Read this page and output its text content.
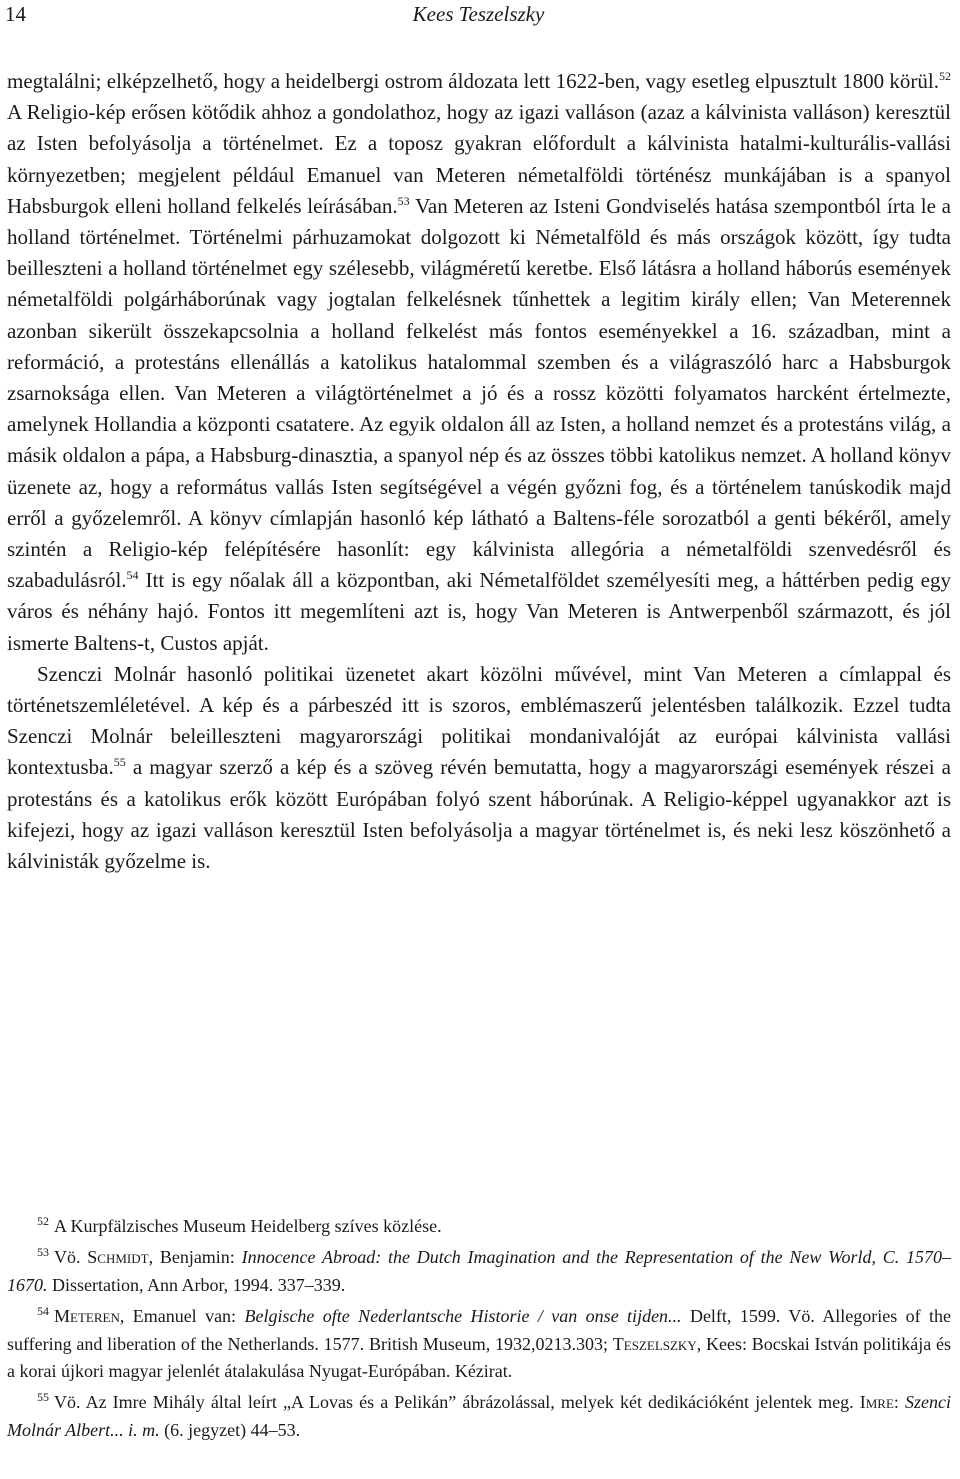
14	Kees Teszelszky

megtalálni; elképzelhető, hogy a heidelbergi ostrom áldozata lett 1622-ben, vagy esetleg elpusztult 1800 körül.$^{52}$ A Religio-kép erősen kötődik ahhoz a gondolathoz, hogy az igazi valláson (azaz a kálvinista valláson) keresztül az Isten befolyásolja a történelmet. Ez a toposz gyakran előfordult a kálvinista hatalmi-kulturális-vallási környezetben; megjelent például Emanuel van Meteren németalföldi történész munkájában is a spanyol Habsburgok elleni holland felkelés leírásában.$^{53}$ Van Meteren az Isteni Gondviselés hatása szempontból írta le a holland történelmet. Történelmi párhuzamokat dolgozott ki Németalföld és más országok között, így tudta beilleszteni a holland történelmet egy szélesebb, világméretű keretbe. Első látásra a holland háborús események németalföldi polgárháborúnak vagy jogtalan felkelésnek tűnhettek a legitim király ellen; Van Meterennek azonban sikerült összekapcsolnia a holland felkelést más fontos eseményekkel a 16. században, mint a reformáció, a protestáns ellenállás a katolikus hatalommal szemben és a világraszóló harc a Habsburgok zsarnoksága ellen. Van Meteren a világtörténelmet a jó és a rossz közötti folyamatos harcként értelmezte, amelynek Hollandia a központi csatatere. Az egyik oldalon áll az Isten, a holland nemzet és a protestáns világ, a másik oldalon a pápa, a Habsburg-dinasztia, a spanyol nép és az összes többi katolikus nemzet. A holland könyv üzenete az, hogy a református vallás Isten segítségével a végén győzni fog, és a történelem tanúskodik majd erről a győzelemről. A könyv címlapján hasonló kép látható a Baltens-féle sorozatból a genti békéről, amely szintén a Religio-kép felépítésére hasonlít: egy kálvinista allegória a németalföldi szenvedésről és szabadulásról.$^{54}$ Itt is egy nőalak áll a központban, aki Németalföldet személyesíti meg, a háttérben pedig egy város és néhány hajó. Fontos itt megemlíteni azt is, hogy Van Meteren is Antwerpenből származott, és jól ismerte Baltens-t, Custos apját.

Szenczi Molnár hasonló politikai üzenetet akart közölni művével, mint Van Meteren a címlappal és történetszemléletével. A kép és a párbeszéd itt is szoros, emblémaszerű jelentésben találkozik. Ezzel tudta Szenczi Molnár beleilleszteni magyarországi politikai mondanivalóját az európai kálvinista vallási kontextusba.$^{55}$ a magyar szerző a kép és a szöveg révén bemutatta, hogy a magyarországi események részei a protestáns és a katolikus erők között Európában folyó szent háborúnak. A Religio-képpel ugyanakkor azt is kifejezi, hogy az igazi valláson keresztül Isten befolyásolja a magyar történelmet is, és neki lesz köszönhető a kálvinisták győzelme is.

$^{52}$ A Kurpfälzisches Museum Heidelberg szíves közlése.

$^{53}$ Vö. Schmidt, Benjamin: Innocence Abroad: the Dutch Imagination and the Representation of the New World, C. 1570–1670. Dissertation, Ann Arbor, 1994. 337–339.

$^{54}$ Meteren, Emanuel van: Belgische ofte Nederlantsche Historie / van onse tijden... Delft, 1599. Vö. Allegories of the suffering and liberation of the Netherlands. 1577. British Museum, 1932,0213.303; Teszelszky, Kees: Bocskai István politikája és a korai újkori magyar jelenlét átalakulása Nyugat-Európában. Kézirat.

$^{55}$ Vö. Az Imre Mihály által leírt „A Lovas és a Pelikán” ábrázolással, melyek két dedikációként jelentek meg. Imre: Szenci Molnár Albert... i. m. (6. jegyzet) 44–53.
